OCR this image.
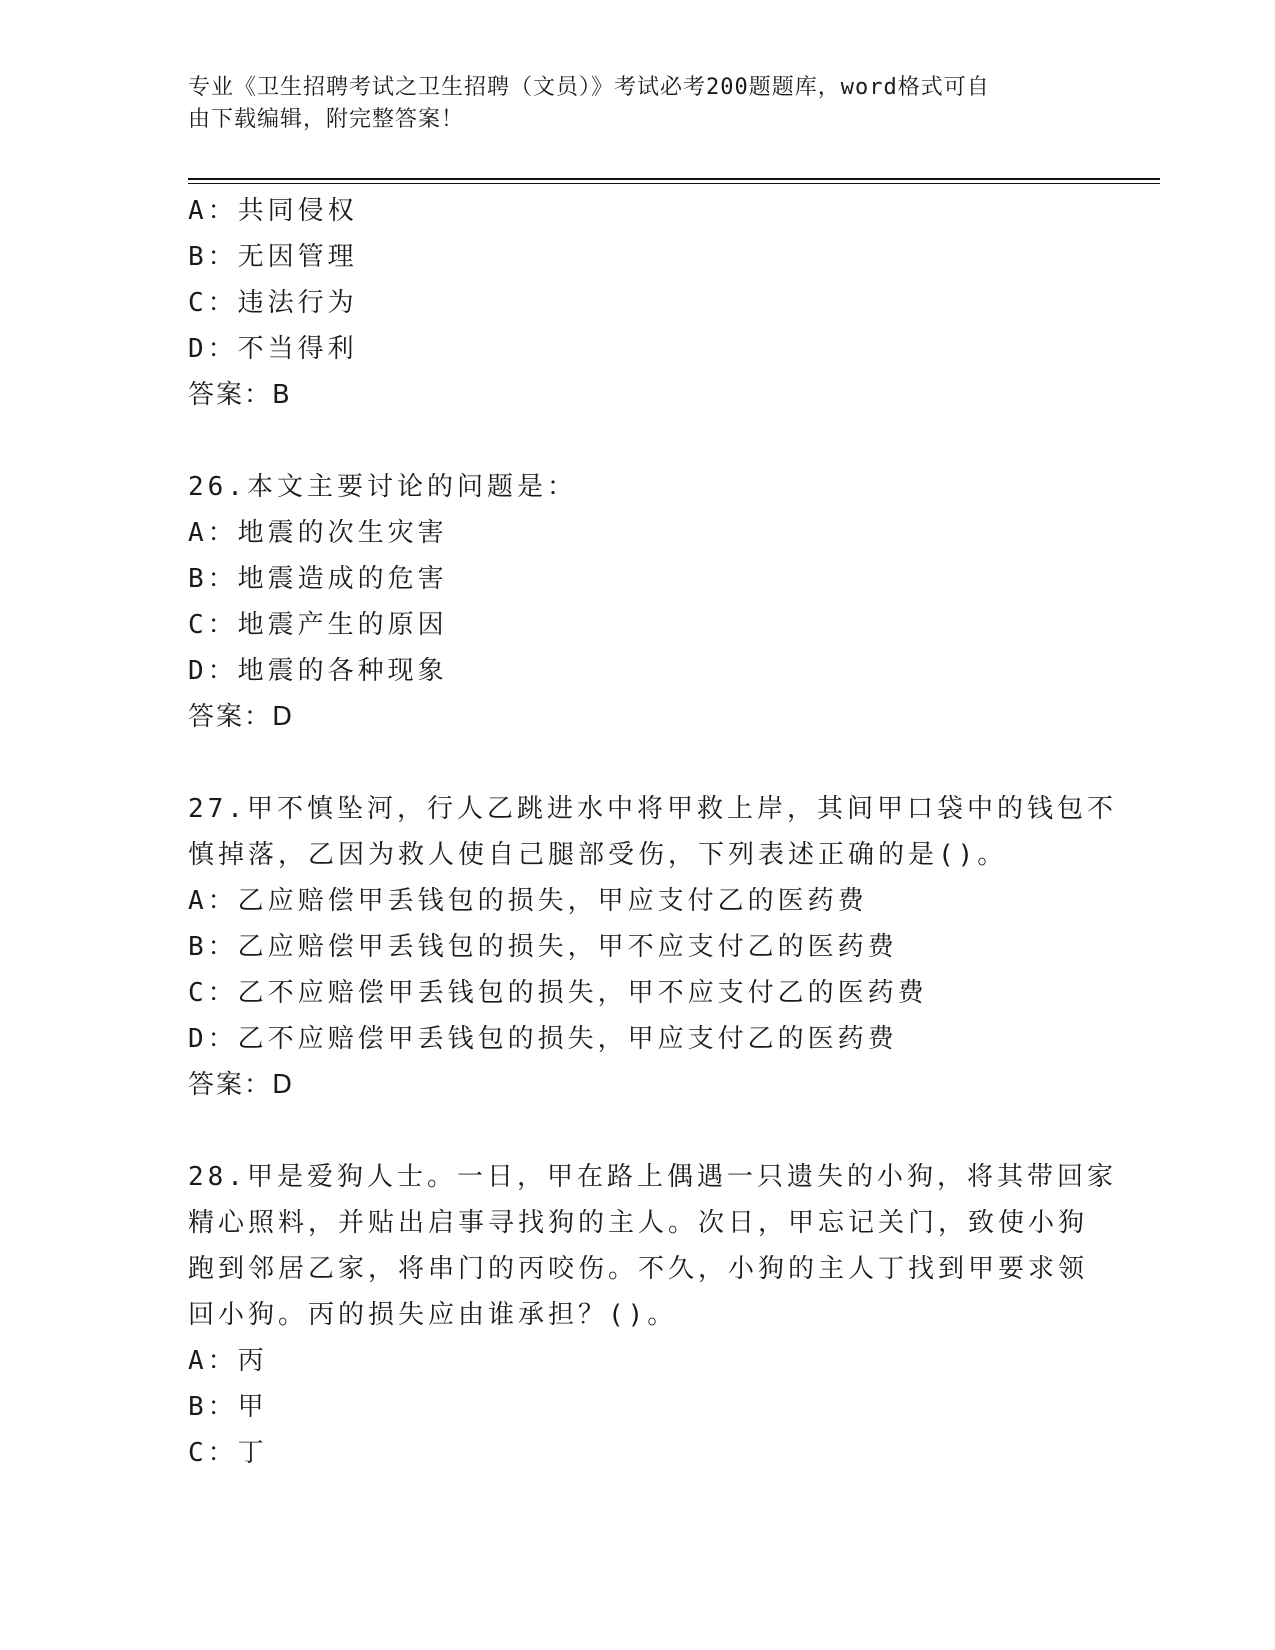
专业《卫生招聘考试之卫生招聘（文员）》考试必考200题题库，word格式可自
由下载编辑，附完整答案！
A：共同侵权
B：无因管理
C：违法行为
D：不当得利
答案：B
26.本文主要讨论的问题是：
A：地震的次生灾害
B：地震造成的危害
C：地震产生的原因
D：地震的各种现象
答案：D
27.甲不慎坠河，行人乙跳进水中将甲救上岸，其间甲口袋中的钱包不
慎掉落，乙因为救人使自己腿部受伤，下列表述正确的是()。
A：乙应赔偿甲丢钱包的损失，甲应支付乙的医药费
B：乙应赔偿甲丢钱包的损失，甲不应支付乙的医药费
C：乙不应赔偿甲丢钱包的损失，甲不应支付乙的医药费
D：乙不应赔偿甲丢钱包的损失，甲应支付乙的医药费
答案：D
28.甲是爱狗人士。一日，甲在路上偶遇一只遗失的小狗，将其带回家
精心照料，并贴出启事寻找狗的主人。次日，甲忘记关门，致使小狗
跑到邻居乙家，将串门的丙咬伤。不久，小狗的主人丁找到甲要求领
回小狗。丙的损失应由谁承担？()。
A：丙
B：甲
C：丁
